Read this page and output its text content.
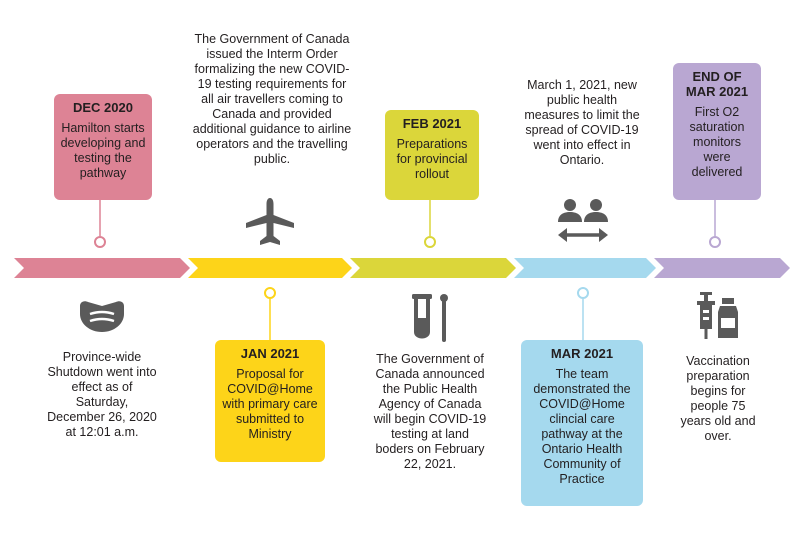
DEC 2020
Hamilton starts developing and testing the pathway
JAN 2021
Proposal for COVID@Home with primary care submitted to Ministry
FEB 2021
Preparations for provincial rollout
MAR 2021
The team demonstrated the COVID@Home clincial care pathway at the Ontario Health Community of Practice
END OF MAR 2021
First O2 saturation monitors were delivered
Province-wide Shutdown went into effect as of Saturday, December 26, 2020 at 12:01 a.m.
The Government of Canada issued the Interm Order formalizing the new COVID-19 testing requirements for all air travellers coming to Canada and provided additional guidance to airline operators and the travelling public.
The Government of Canada announced the Public Health Agency of Canada will begin COVID-19 testing at land boders on February 22, 2021.
March 1, 2021, new public health measures to limit the spread of COVID-19 went into effect in Ontario.
Vaccination preparation begins for people 75 years old and over.
